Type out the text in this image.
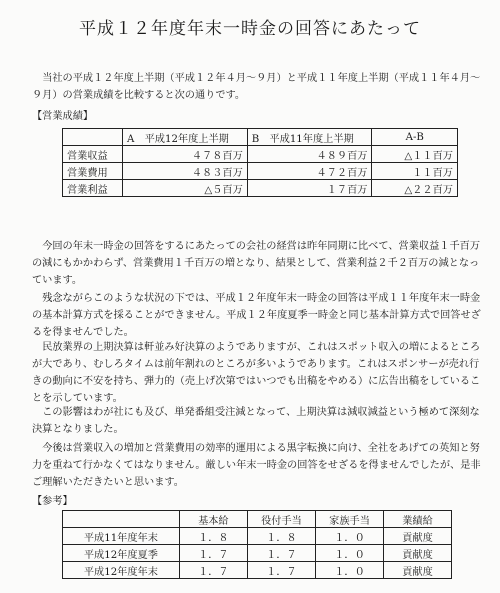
平成１２年度年末一時金の回答にあたって

当社の平成１２年度上半期（平成１２年４月～９月）と平成１１年度上半期（平成１１年４月～９月）の営業成績を比較すると次の通りです。

【営業成績】
	A　平成12年度上半期	B　平成11年度上半期	A-B
営業収益	４７８百万	４８９百万	△１１百万
営業費用	４８３百万	４７２百万	１１百万
営業利益	△５百万	１７百万	△２２百万

今回の年末一時金の回答をするにあたっての会社の経営は昨年同期に比べて、営業収益１千百万の減にもかかわらず、営業費用１千百万の増となり、結果として、営業利益２千２百万の減となっています。

残念ながらこのような状況の下では、平成１２年度年末一時金の回答は平成１１年度年末一時金の基本計算方式を採ることができません。平成１２年度夏季一時金と同じ基本計算方式で回答せざるを得ませんでした。

民放業界の上期決算は軒並み好決算のようでありますが、これはスポット収入の増によるところが大であり、むしろタイムは前年割れのところが多いようであります。これはスポンサーが売れ行きの動向に不安を持ち、弾力的（売上げ次第ではいつでも出稿をやめる）に広告出稿をしていることを示しています。

この影響はわが社にも及び、単発番組受注減となって、上期決算は減収減益という極めて深刻な決算となりました。

今後は営業収入の増加と営業費用の効率的運用による黒字転換に向け、全社をあげての英知と努力を重ねて行かなくてはなりません。厳しい年末一時金の回答をせざるを得ませんでしたが、是非ご理解いただきたいと思います。

【参考】
	基本給	役付手当	家族手当	業績給
平成11年度年末	１．８	１．８	１．０	貢献度
平成12年度夏季	１．７	１．７	１．０	貢献度
平成12年度年末	１．７	１．７	１．０	貢献度
